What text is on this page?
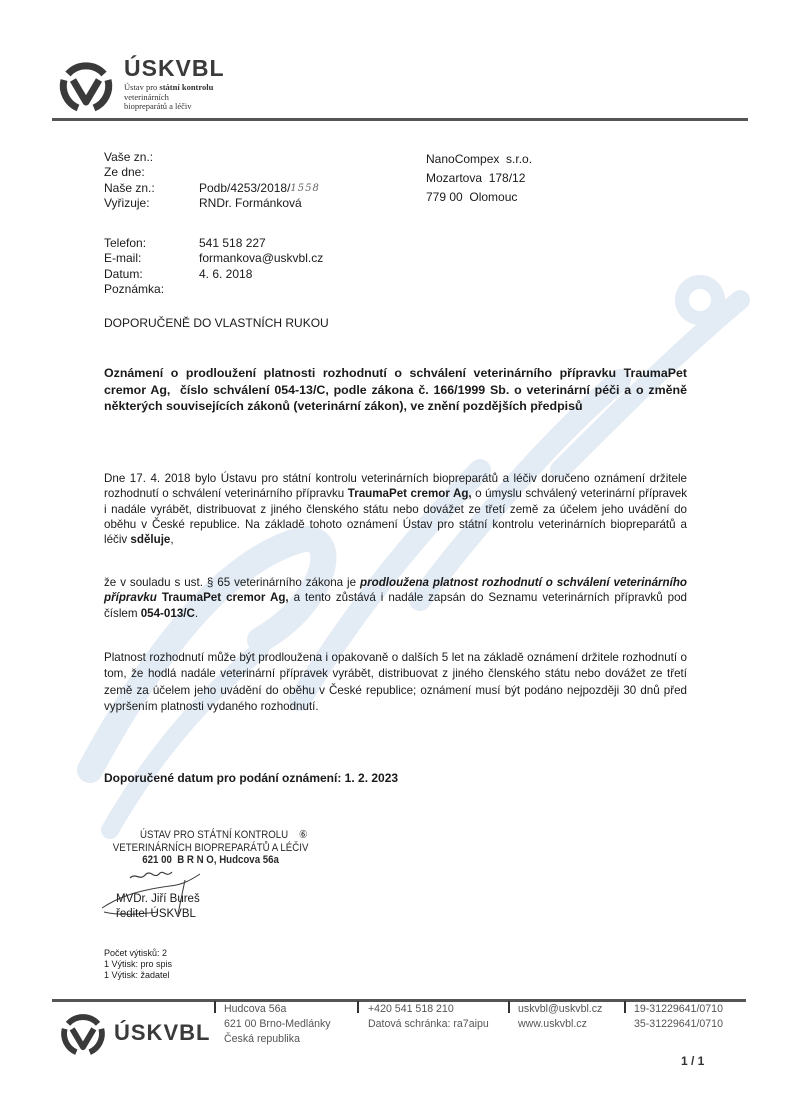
ÚSKVBL
Ústav pro státní kontrolu
veterinárních
biopreparátů a léčiv
Vaše zn.:
Ze dne:
Naše zn.:	Podb/4253/2018/ 1558
Vyřizuje:	RNDr. Formánková
Telefon:	541 518 227
E-mail:	formankova@uskvbl.cz
Datum:	4. 6. 2018
Poznámka:
NanoCompex  s.r.o.
Mozartova  178/12
779 00  Olomouc
DOPORUČENĚ DO VLASTNÍCH RUKOU
Oznámení o prodloužení platnosti rozhodnutí o schválení veterinárního přípravku TraumaPet cremor Ag,  číslo schválení 054-13/C, podle zákona č. 166/1999 Sb. o veterinární péči a o změně některých souvisejících zákonů (veterinární zákon), ve znění pozdějších předpisů
Dne 17. 4. 2018 bylo Ústavu pro státní kontrolu veterinárních biopreparátů a léčiv doručeno oznámení držitele rozhodnutí o schválení veterinárního přípravku TraumaPet cremor Ag, o úmyslu schválený veterinární přípravek i nadále vyrábět, distribuovat z jiného členského státu nebo dovážet ze třetí země za účelem jeho uvádění do oběhu v České republice. Na základě tohoto oznámení Ústav pro státní kontrolu veterinárních biopreparátů a léčiv sděluje,
že v souladu s ust. § 65 veterinárního zákona je prodloužena platnost rozhodnutí o schválení veterinárního přípravku TraumaPet cremor Ag, a tento zůstává i nadále zapsán do Seznamu veterinárních přípravků pod číslem 054-013/C.
Platnost rozhodnutí může být prodloužena i opakovaně o dalších 5 let na základě oznámení držitele rozhodnutí o tom, že hodlá nadále veterinární přípravek vyrábět, distribuovat z jiného členského státu nebo dovážet ze třetí země za účelem jeho uvádění do oběhu v České republice; oznámení musí být podáno nejpozději 30 dnů před vypršením platnosti vydaného rozhodnutí.
Doporučené datum pro podání oznámení: 1. 2. 2023
ÚSTAV PRO STÁTNÍ KONTROLU    ⑥
VETERINÁRNÍCH BIOPREPARÁTŮ A LÉČIV
621 00  B R N O, Hudcova 56a
MVDr. Jiří Bureš
ředitel ÚSKVBL
Počet výtisků: 2
1 Výtisk: pro spis
1 Výtisk: žadatel
ÚSKVBL
Hudcova 56a
621 00 Brno-Medlánky
Česká republika
+420 541 518 210
Datová schránka: ra7aipu
uskvbl@uskvbl.cz
www.uskvbl.cz
19-31229641/0710
35-31229641/0710
1 / 1
